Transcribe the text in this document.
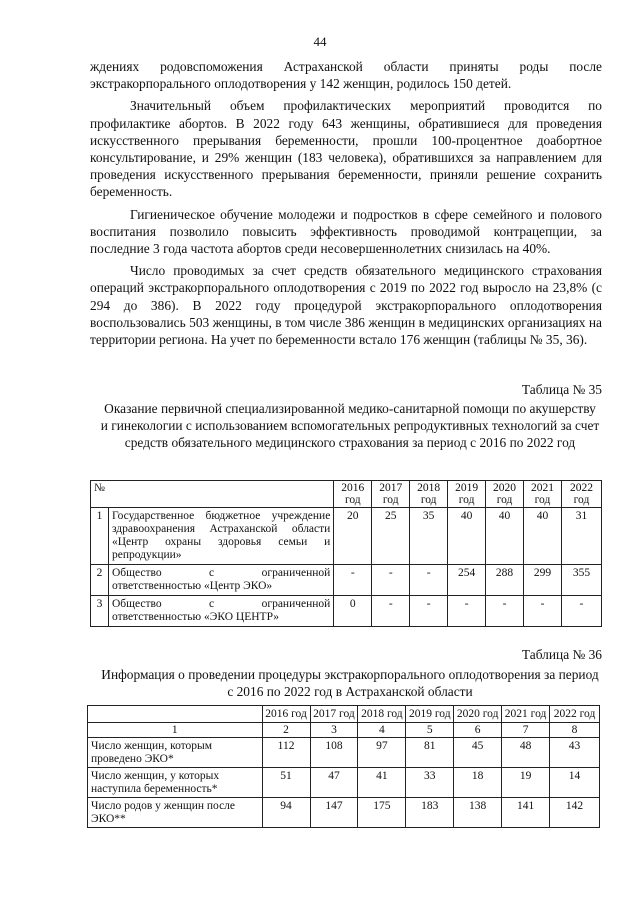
44

ждениях родовспоможения Астраханской области приняты роды после экстракорпорального оплодотворения у 142 женщин, родилось 150 детей.

Значительный объем профилактических мероприятий проводится по профилактике абортов. В 2022 году 643 женщины, обратившиеся для проведения искусственного прерывания беременности, прошли 100-процентное доабортное консультирование, и 29% женщин (183 человека), обратившихся за направлением для проведения искусственного прерывания беременности, приняли решение сохранить беременность.

Гигиеническое обучение молодежи и подростков в сфере семейного и полового воспитания позволило повысить эффективность проводимой контрацепции, за последние 3 года частота абортов среди несовершеннолетних снизилась на 40%.

Число проводимых за счет средств обязательного медицинского страхования операций экстракорпорального оплодотворения с 2019 по 2022 год выросло на 23,8% (с 294 до 386). В 2022 году процедурой экстракорпорального оплодотворения воспользовались 503 женщины, в том числе 386 женщин в медицинских организациях на территории региона. На учет по беременности встало 176 женщин (таблицы № 35, 36).

Таблица № 35
Оказание первичной специализированной медико-санитарной помощи по акушерству и гинекологии с использованием вспомогательных репродуктивных технологий за счет средств обязательного медицинского страхования за период с 2016 по 2022 год
№		2016 год	2017 год	2018 год	2019 год	2020 год	2021 год	2022 год
1	Государственное бюджетное учреждение здравоохранения Астраханской области «Центр охраны здоровья семьи и репродукции»	20	25	35	40	40	40	31
2	Общество с ограниченной ответственностью «Центр ЭКО»	-	-	-	254	288	299	355
3	Общество с ограниченной ответственностью «ЭКО ЦЕНТР»	0	-	-	-	-	-	-
Таблица № 36
Информация о проведении процедуры экстракорпорального оплодотворения за период с 2016 по 2022 год в Астраханской области
	2016 год	2017 год	2018 год	2019 год	2020 год	2021 год	2022 год
1	2	3	4	5	6	7	8
Число женщин, которым проведено ЭКО*	112	108	97	81	45	48	43
Число женщин, у которых наступила беременность*	51	47	41	33	18	19	14
Число родов у женщин после ЭКО**	94	147	175	183	138	141	142
